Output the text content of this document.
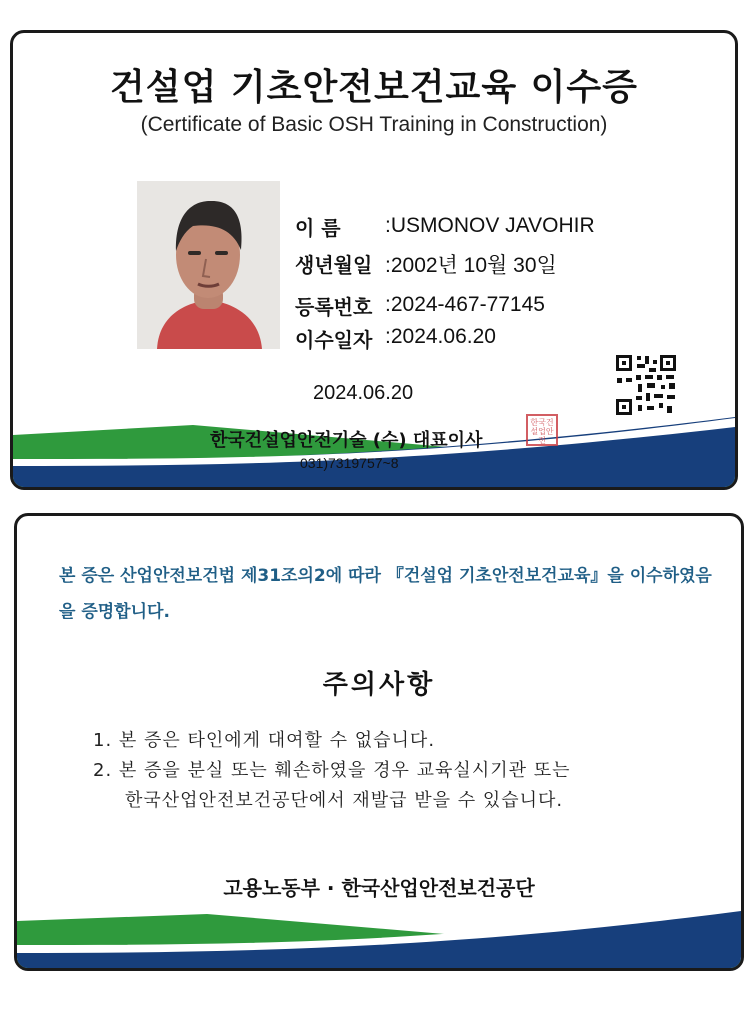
건설업 기초안전보건교육 이수증
(Certificate of Basic OSH Training in Construction)
이 름 :USMONOV JAVOHIR
생년월일 :2002년 10월 30일
등록번호 :2024-467-77145
이수일자 :2024.06.20
2024.06.20
한국건설업안전기술 (수) 대표이사
한국건설업안전
031)7319757~8
본 증은 산업안전보건법 제31조의2에 따라 『건설업 기초안전보건교육』을 이수하였음을 증명합니다.
주의사항
1. 본 증은 타인에게 대여할 수 없습니다.
2. 본 증을 분실 또는 훼손하였을 경우 교육실시기관 또는
한국산업안전보건공단에서 재발급 받을 수 있습니다.
고용노동부 · 한국산업안전보건공단
